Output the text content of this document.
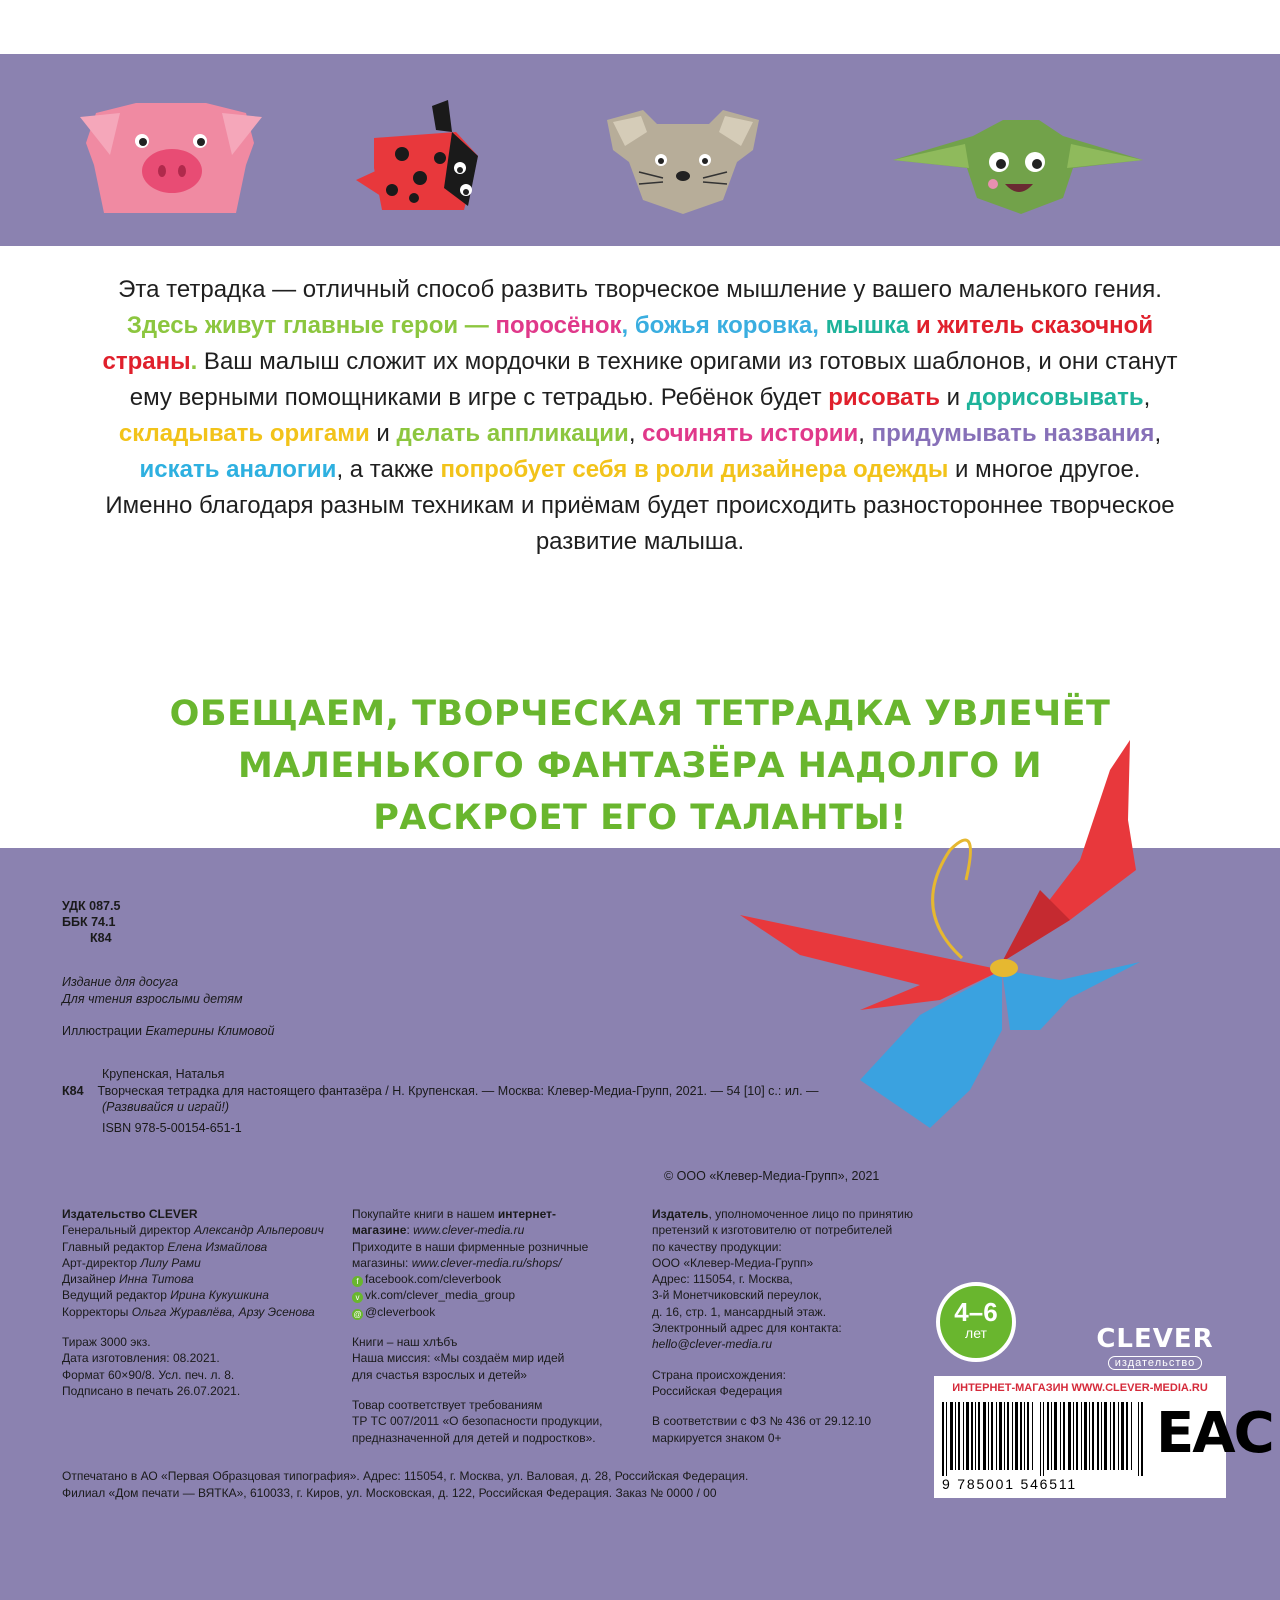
Эта тетрадка — отличный способ развить творческое мышление у вашего маленького гения.
Здесь живут главные герои — поросёнок, божья коровка, мышка и житель сказочной страны. Ваш малыш сложит их мордочки в технике оригами из готовых шаблонов, и они станут ему верными помощниками в игре с тетрадью. Ребёнок будет рисовать и дорисовывать, складывать оригами и делать аппликации, сочинять истории, придумывать названия, искать аналогии, а также попробует себя в роли дизайнера одежды и многое другое. Именно благодаря разным техникам и приёмам будет происходить разностороннее творческое развитие малыша.
ОБЕЩАЕМ, ТВОРЧЕСКАЯ ТЕТРАДКА УВЛЕЧЁТ МАЛЕНЬКОГО ФАНТАЗЁРА НАДОЛГО И РАСКРОЕТ ЕГО ТАЛАНТЫ!
УДК 087.5
ББК 74.1
К84
Издание для досуга
Для чтения взрослыми детям
Иллюстрации Екатерины Климовой
Крупенская, Наталья
К84 Творческая тетрадка для настоящего фантазёра / Н. Крупенская. — Москва: Клевер-Медиа-Групп, 2021. — 54 [10] с.: ил. —
(Развивайся и играй!)
ISBN 978-5-00154-651-1
© ООО «Клевер-Медиа-Групп», 2021
Издательство CLEVER
Генеральный директор Александр Альперович
Главный редактор Елена Измайлова
Арт-директор Лилу Рами
Дизайнер Инна Титова
Ведущий редактор Ирина Кукушкина
Корректоры Ольга Журавлёва, Арзу Эсенова
Тираж 3000 экз.
Дата изготовления: 08.2021.
Формат 60×90/8. Усл. печ. л. 8.
Подписано в печать 26.07.2021.
Покупайте книги в нашем интернет-
магазине: www.clever-media.ru
Приходите в наши фирменные розничные
магазины: www.clever-media.ru/shops/
f facebook.com/cleverbook
v vk.com/clever_media_group
@ @cleverbook
Книги – наш хлѣбъ
Наша миссия: «Мы создаём мир идей
для счастья взрослых и детей»
Товар соответствует требованиям
ТР ТС 007/2011 «О безопасности продукции,
предназначенной для детей и подростков».
Издатель, уполномоченное лицо по принятию
претензий к изготовителю от потребителей
по качеству продукции:
ООО «Клевер-Медиа-Групп»
Адрес: 115054, г. Москва,
3-й Монетчиковский переулок,
д. 16, стр. 1, мансардный этаж.
Электронный адрес для контакта:
hello@clever-media.ru
Страна происхождения:
Российская Федерация
В соответствии с ФЗ № 436 от 29.12.10
маркируется знаком 0+
4–6
лет	CLEVER
издательство
ИНТЕРНЕТ-МАГАЗИН WWW.CLEVER-MEDIA.RU
9 785001 546511
EAC
Отпечатано в АО «Первая Образцовая типография». Адрес: 115054, г. Москва, ул. Валовая, д. 28, Российская Федерация.
Филиал «Дом печати — ВЯТКА», 610033, г. Киров, ул. Московская, д. 122, Российская Федерация. Заказ № 0000 / 00
